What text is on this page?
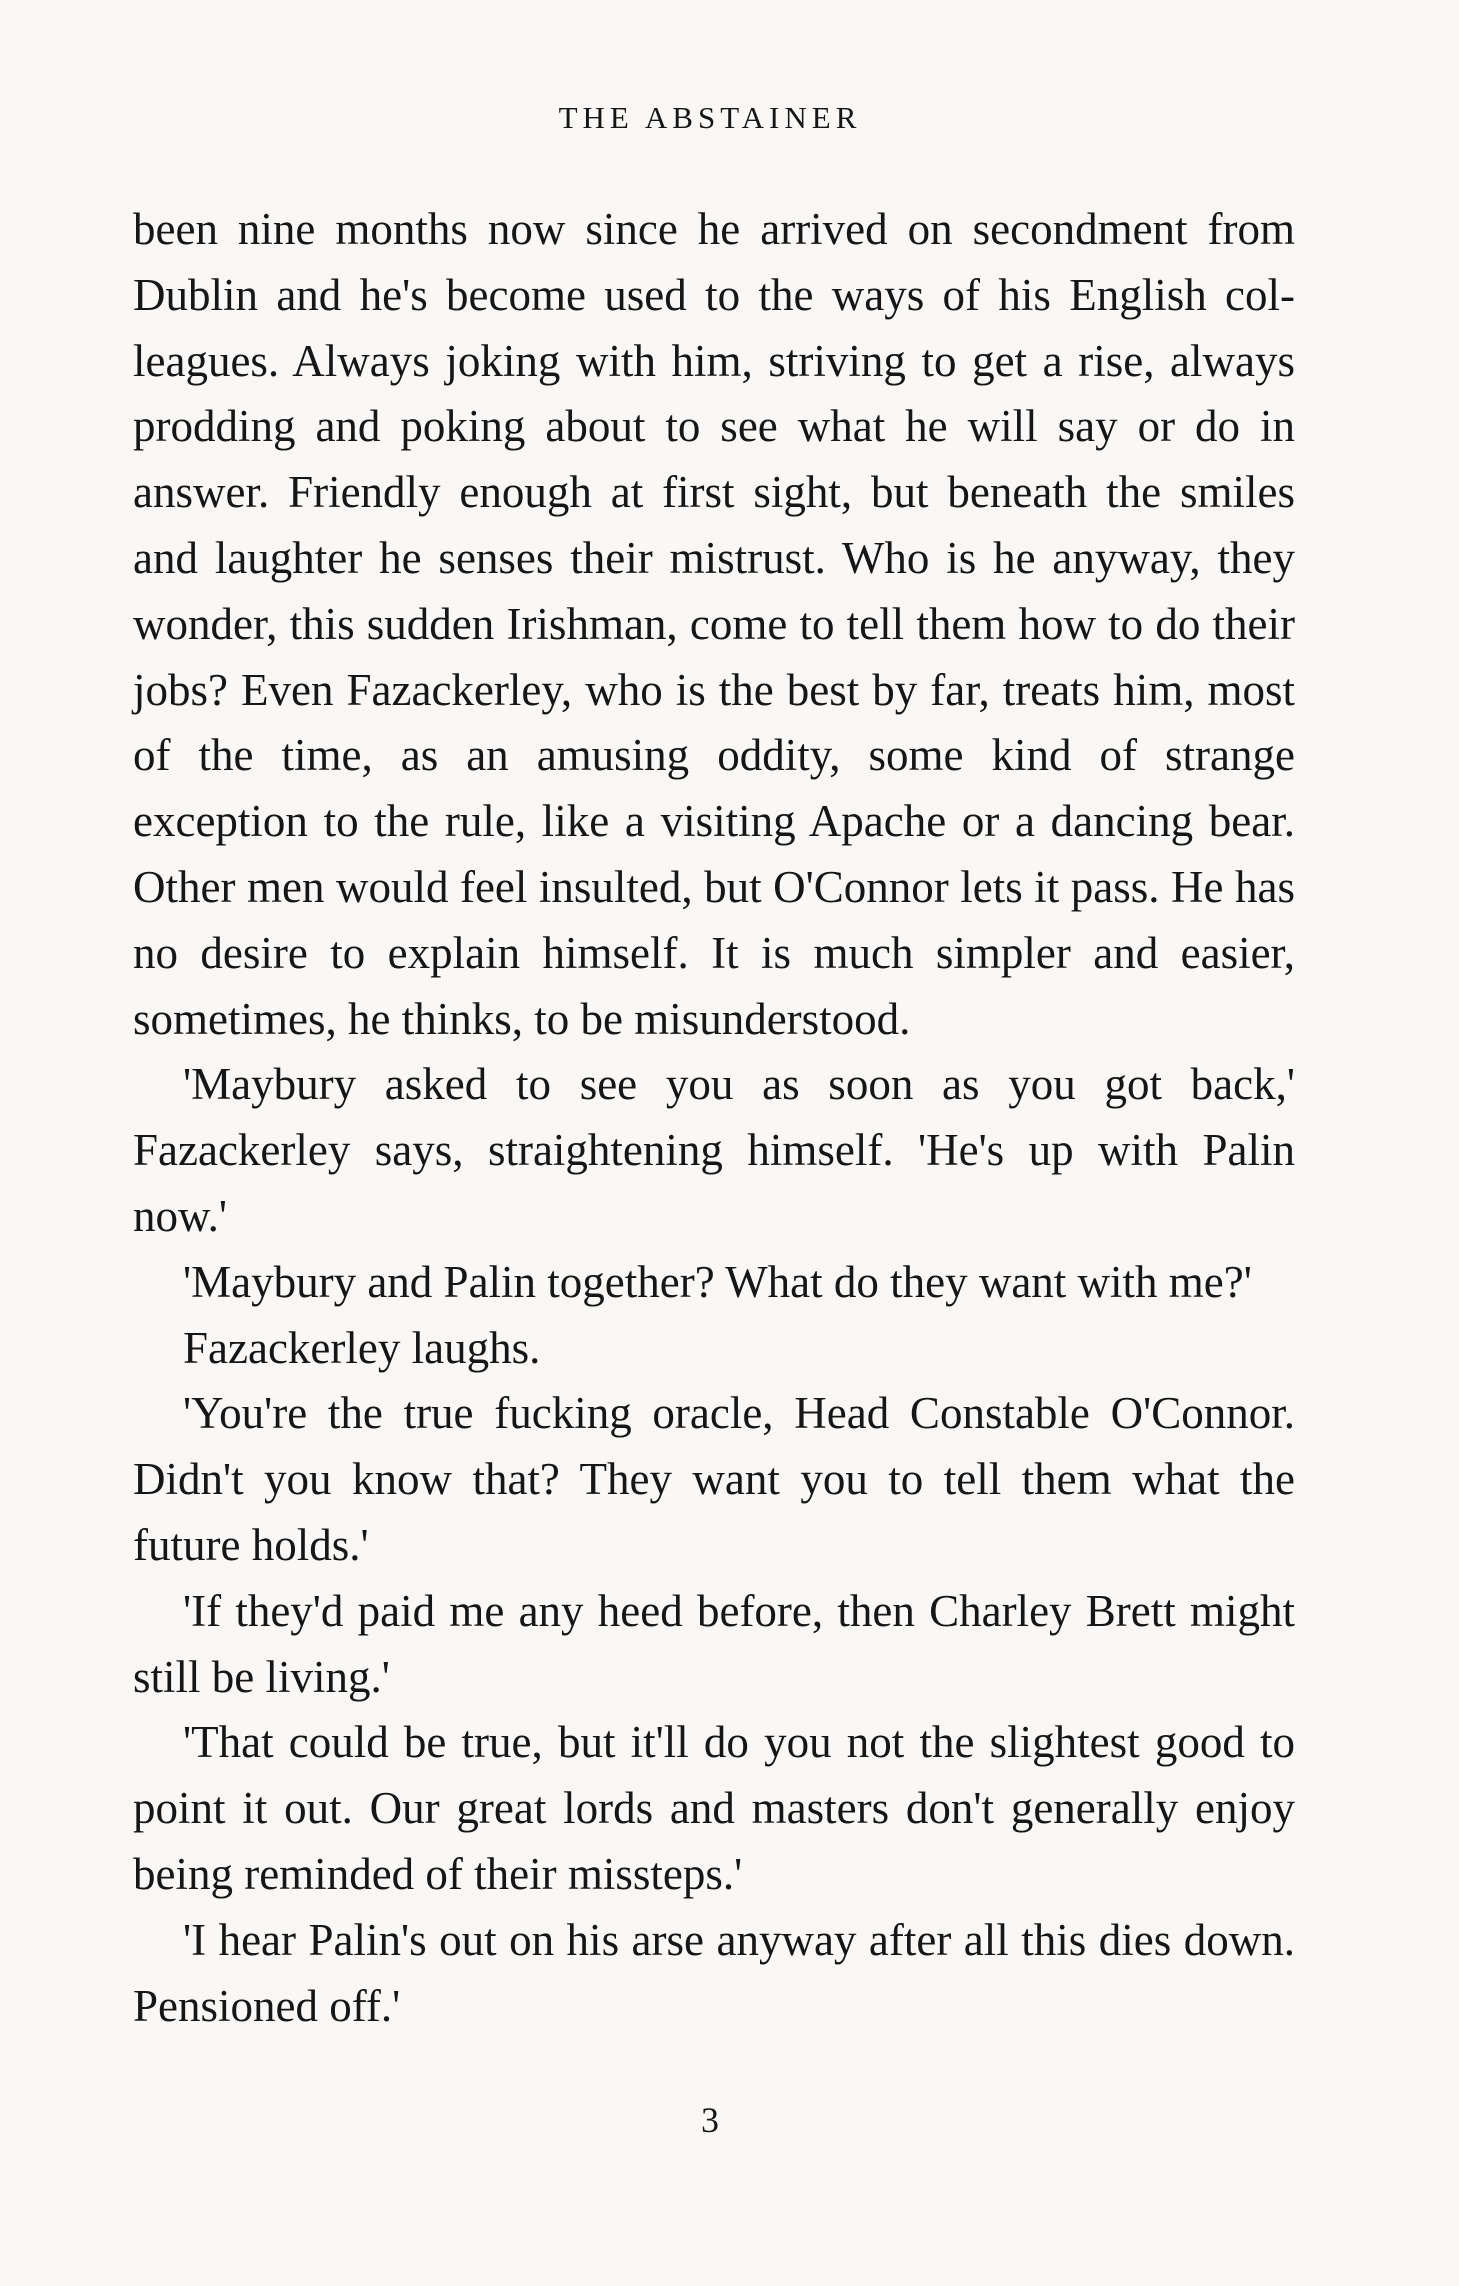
THE ABSTAINER

been nine months now since he arrived on secondment from Dublin and he's become used to the ways of his English col-leagues. Always joking with him, striving to get a rise, always prodding and poking about to see what he will say or do in answer. Friendly enough at first sight, but beneath the smiles and laughter he senses their mistrust. Who is he anyway, they wonder, this sudden Irishman, come to tell them how to do their jobs? Even Fazackerley, who is the best by far, treats him, most of the time, as an amusing oddity, some kind of strange exception to the rule, like a visiting Apache or a dancing bear. Other men would feel insulted, but O'Connor lets it pass. He has no desire to explain himself. It is much simpler and easier, sometimes, he thinks, to be misunderstood.

'Maybury asked to see you as soon as you got back,' Fazackerley says, straightening himself. 'He's up with Palin now.'

'Maybury and Palin together? What do they want with me?'

Fazackerley laughs.

'You're the true fucking oracle, Head Constable O'Connor. Didn't you know that? They want you to tell them what the future holds.'

'If they'd paid me any heed before, then Charley Brett might still be living.'

'That could be true, but it'll do you not the slightest good to point it out. Our great lords and masters don't generally enjoy being reminded of their missteps.'

'I hear Palin's out on his arse anyway after all this dies down. Pensioned off.'

3
